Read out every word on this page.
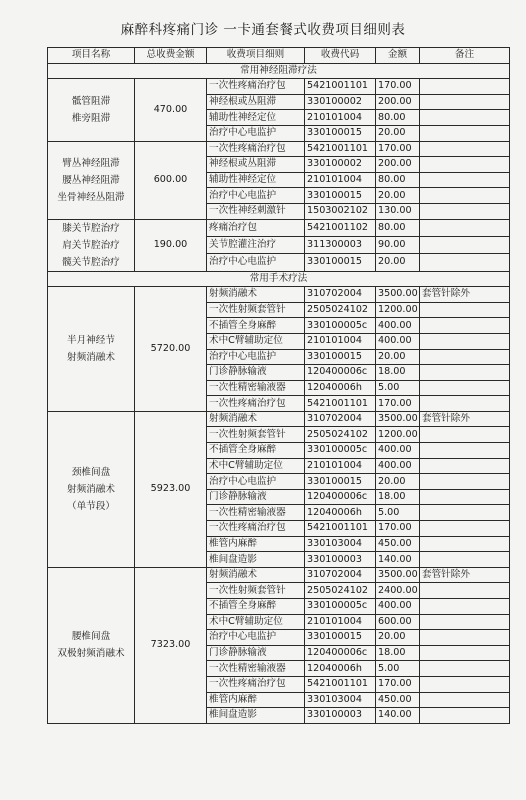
麻醉科疼痛门诊 一卡通套餐式收费项目细则表
项目名称	总收费金额	收费项目细则	收费代码	金额	备注
常用神经阻滞疗法					

骶管阻滞
椎旁阻滞	470.00	一次性疼痛治疗包	5421001101	170.00	
		神经根或丛阻滞	330100002	200.00	
		辅助性神经定位	210101004	80.00	
		治疗中心电监护	330100015	20.00	

臂丛神经阻滞
腰丛神经阻滞
坐骨神经丛阻滞	600.00	一次性疼痛治疗包	5421001101	170.00	
		神经根或丛阻滞	330100002	200.00	
		辅助性神经定位	210101004	80.00	
		治疗中心电监护	330100015	20.00	
		一次性神经刺激针	1503002102	130.00	

膝关节腔治疗
肩关节腔治疗
髋关节腔治疗	190.00	疼痛治疗包	5421001102	80.00	
		关节腔灌注治疗	311300003	90.00	
		治疗中心电监护	330100015	20.00	
常用手术疗法					

半月神经节
射频消融术	5720.00	射频消融术	310702004	3500.00	套管针除外
		一次性射频套管针	2505024102	1200.00	
		不插管全身麻醉	330100005c	400.00	
		术中C臂辅助定位	210101004	400.00	
		治疗中心电监护	330100015	20.00	
		门诊静脉输液	120400006c	18.00	
		一次性精密输液器	12040006h	5.00	
		一次性疼痛治疗包	5421001101	170.00	

颈椎间盘
射频消融术
（单节段）	5923.00	射频消融术	310702004	3500.00	套管针除外
		一次性射频套管针	2505024102	1200.00	
		不插管全身麻醉	330100005c	400.00	
		术中C臂辅助定位	210101004	400.00	
		治疗中心电监护	330100015	20.00	
		门诊静脉输液	120400006c	18.00	
		一次性精密输液器	12040006h	5.00	
		一次性疼痛治疗包	5421001101	170.00	
		椎管内麻醉	330103004	450.00	
		椎间盘造影	330100003	140.00	

腰椎间盘
双极射频消融术	7323.00	射频消融术	310702004	3500.00	套管针除外
		一次性射频套管针	2505024102	2400.00	
		不插管全身麻醉	330100005c	400.00	
		术中C臂辅助定位	210101004	600.00	
		治疗中心电监护	330100015	20.00	
		门诊静脉输液	120400006c	18.00	
		一次性精密输液器	12040006h	5.00	
		一次性疼痛治疗包	5421001101	170.00	
		椎管内麻醉	330103004	450.00	
		椎间盘造影	330100003	140.00	
